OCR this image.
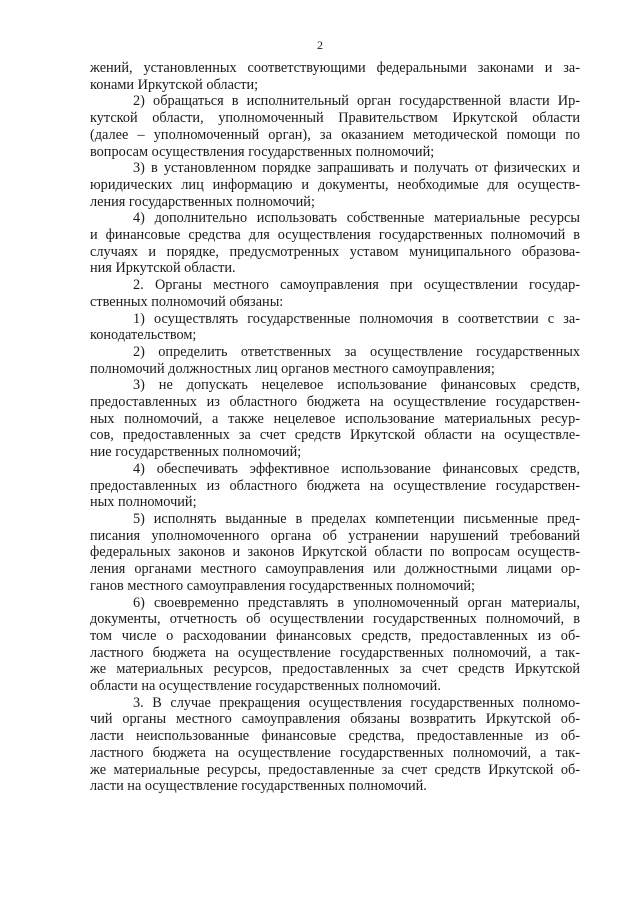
2
жений, установленных соответствующими федеральными законами и за-
конами Иркутской области;
2) обращаться в исполнительный орган государственной власти Ир-
кутской области, уполномоченный Правительством Иркутской области
(далее – уполномоченный орган), за оказанием методической помощи по
вопросам осуществления государственных полномочий;
3) в установленном порядке запрашивать и получать от физических и
юридических лиц информацию и документы, необходимые для осуществ-
ления государственных полномочий;
4) дополнительно использовать собственные материальные ресурсы
и финансовые средства для осуществления государственных полномочий в
случаях и порядке, предусмотренных уставом муниципального образова-
ния Иркутской области.
2. Органы местного самоуправления при осуществлении государ-
ственных полномочий обязаны:
1) осуществлять государственные полномочия в соответствии с за-
конодательством;
2) определить ответственных за осуществление государственных
полномочий должностных лиц органов местного самоуправления;
3) не допускать нецелевое использование финансовых средств,
предоставленных из областного бюджета на осуществление государствен-
ных полномочий, а также нецелевое использование материальных ресур-
сов, предоставленных за счет средств Иркутской области на осуществле-
ние государственных полномочий;
4) обеспечивать эффективное использование финансовых средств,
предоставленных из областного бюджета на осуществление государствен-
ных полномочий;
5) исполнять выданные в пределах компетенции письменные пред-
писания уполномоченного органа об устранении нарушений требований
федеральных законов и законов Иркутской области по вопросам осуществ-
ления органами местного самоуправления или должностными лицами ор-
ганов местного самоуправления государственных полномочий;
6) своевременно представлять в уполномоченный орган материалы,
документы, отчетность об осуществлении государственных полномочий, в
том числе о расходовании финансовых средств, предоставленных из об-
ластного бюджета на осуществление государственных полномочий, а так-
же материальных ресурсов, предоставленных за счет средств Иркутской
области на осуществление государственных полномочий.
3. В случае прекращения осуществления государственных полномо-
чий органы местного самоуправления обязаны возвратить Иркутской об-
ласти неиспользованные финансовые средства, предоставленные из об-
ластного бюджета на осуществление государственных полномочий, а так-
же материальные ресурсы, предоставленные за счет средств Иркутской об-
ласти на осуществление государственных полномочий.
